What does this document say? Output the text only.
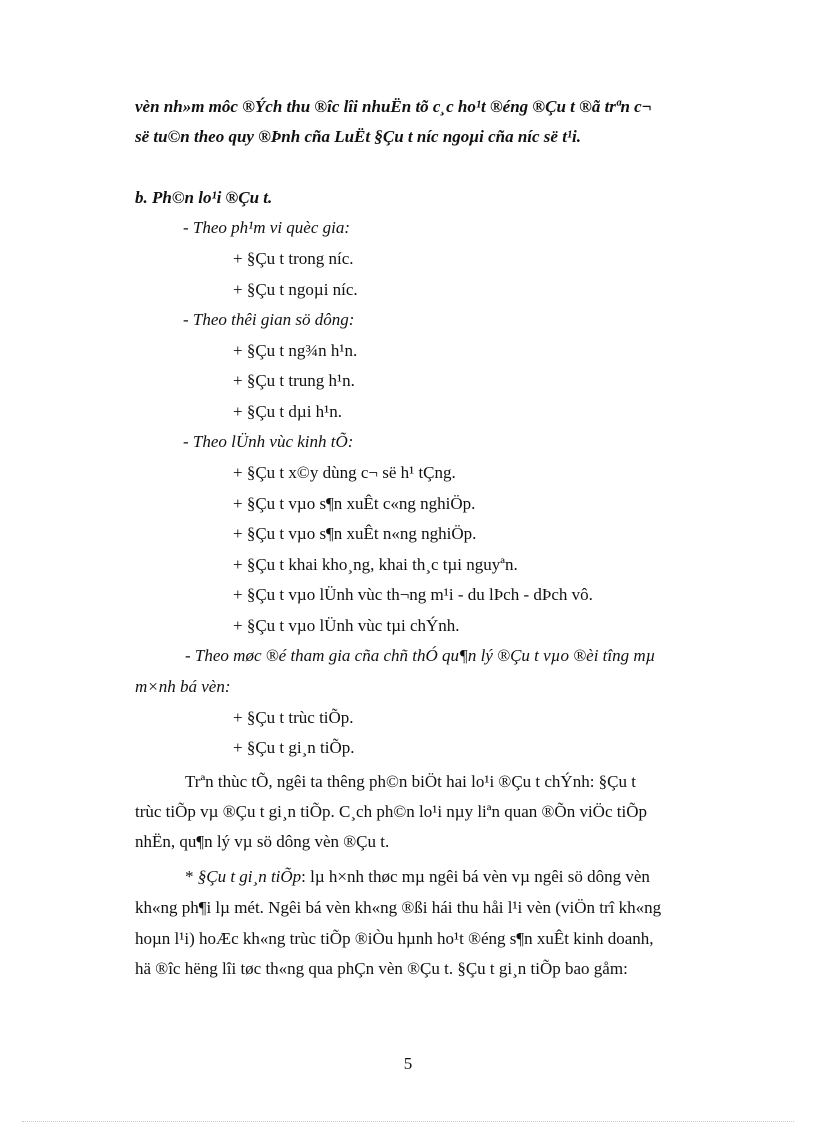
vèn nh»m môc ®Ých thu ®îc lîi nhuËn tõ c¸c ho¹t ®éng ®Çu t ®ã trªn c¬
së tu©n theo quy ®Þnh cña LuËt §Çu t níc ngoµi cña níc së t¹i.
b. Ph©n lo¹i ®Çu t.
- Theo ph¹m vi quèc gia:
+ §Çu t trong níc.
+ §Çu t ngoµi níc.
- Theo thêi gian sö dông:
+ §Çu t ng¾n h¹n.
+ §Çu t trung h¹n.
+ §Çu t dµi h¹n.
- Theo lÜnh vùc kinh tÕ:
+ §Çu t x©y dùng c¬ së h¹ tÇng.
+ §Çu t vµo s¶n xuÊt c«ng nghiÖp.
+ §Çu t vµo s¶n xuÊt n«ng nghiÖp.
+ §Çu t khai kho¸ng, khai th¸c tµi nguyªn.
+ §Çu t vµo lÜnh vùc th¬ng m¹i - du lÞch - dÞch vô.
+ §Çu t vµo lÜnh vùc tµi chÝnh.
- Theo møc ®é tham gia cña chñ thÓ qu¶n lý ®Çu t vµo ®èi tîng mµ
m×nh bá vèn:
+ §Çu t trùc tiÕp.
+ §Çu t gi¸n tiÕp.
Trªn thùc tÕ, ngêi ta thêng ph©n biÖt hai lo¹i ®Çu t chÝnh: §Çu t
trùc tiÕp vµ ®Çu t gi¸n tiÕp. C¸ch ph©n lo¹i nµy liªn quan ®Õn viÖc tiÕp
nhËn, qu¶n lý vµ sö dông vèn ®Çu t.
* §Çu t gi¸n tiÕp: lµ h×nh thøc mµ ngêi bá vèn vµ ngêi sö dông vèn
kh«ng ph¶i lµ mét. Ngêi bá vèn kh«ng ®ßi hái thu håi l¹i vèn (viÖn trî kh«ng
hoµn l¹i) hoÆc kh«ng trùc tiÕp ®iÒu hµnh ho¹t ®éng s¶n xuÊt kinh doanh,
hä ®îc hëng lîi tøc th«ng qua phÇn vèn ®Çu t. §Çu t gi¸n tiÕp bao gåm:
5
